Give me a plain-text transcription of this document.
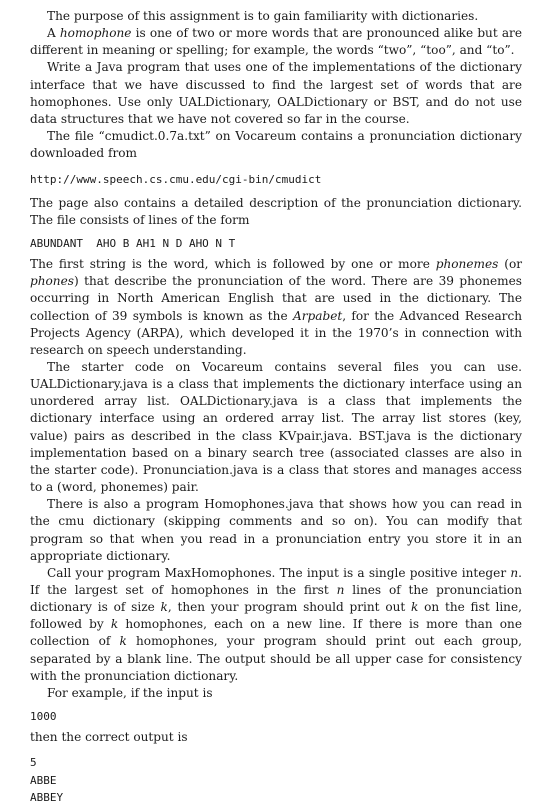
The purpose of this assignment is to gain familiarity with dictionaries.

A homophone is one of two or more words that are pronounced alike but are different in meaning or spelling; for example, the words “two”, “too”, and “to”.

Write a Java program that uses one of the implementations of the dictionary interface that we have discussed to find the largest set of words that are homophones. Use only UALDictionary, OALDictionary or BST, and do not use data structures that we have not covered so far in the course.

The file “cmudict.0.7a.txt” on Vocareum contains a pronunciation dictionary downloaded from

http://www.speech.cs.cmu.edu/cgi-bin/cmudict

The page also contains a detailed description of the pronunciation dictionary. The file consists of lines of the form

ABUNDANT  AHO B AH1 N D AHO N T

The first string is the word, which is followed by one or more phonemes (or phones) that describe the pronunciation of the word. There are 39 phonemes occurring in North American English that are used in the dictionary. The collection of 39 symbols is known as the Arpabet, for the Advanced Research Projects Agency (ARPA), which developed it in the 1970’s in connection with research on speech understanding.

The starter code on Vocareum contains several files you can use. UALDictionary.java is a class that implements the dictionary interface using an unordered array list. OALDictionary.java is a class that implements the dictionary interface using an ordered array list. The array list stores (key, value) pairs as described in the class KVpair.java. BST.java is the dictionary implementation based on a binary search tree (associated classes are also in the starter code). Pronunciation.java is a class that stores and manages access to a (word, phonemes) pair.

There is also a program Homophones.java that shows how you can read in the cmu dictionary (skipping comments and so on). You can modify that program so that when you read in a pronunciation entry you store it in an appropriate dictionary.

Call your program MaxHomophones. The input is a single positive integer n. If the largest set of homophones in the first n lines of the pronunciation dictionary is of size k, then your program should print out k on the fist line, followed by k homophones, each on a new line. If there is more than one collection of k homophones, your program should print out each group, separated by a blank line. The output should be all upper case for consistency with the pronunciation dictionary.

For example, if the input is

1000

then the correct output is

5
ABBE
ABBEY
